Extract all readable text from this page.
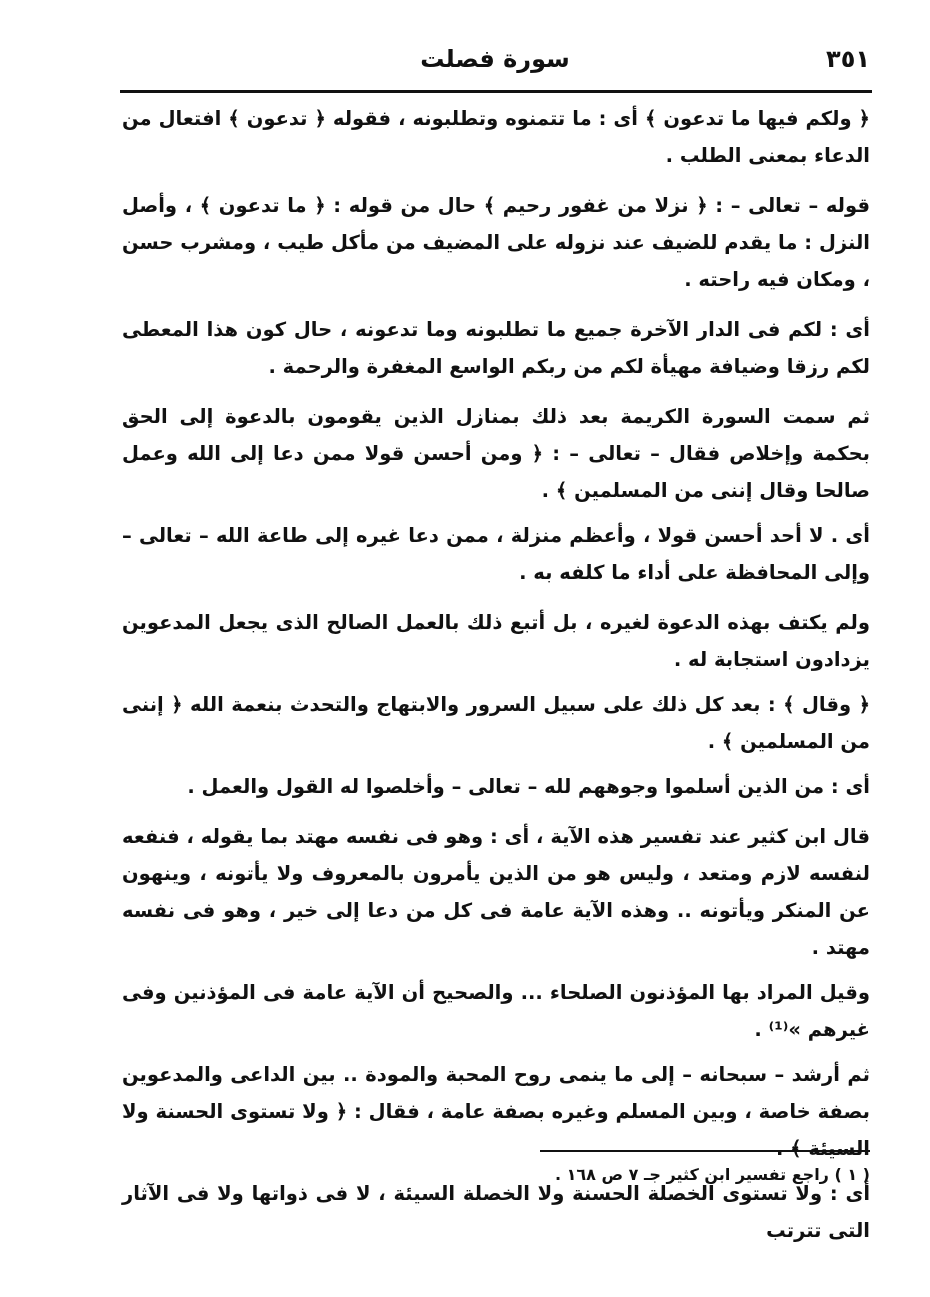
٣٥١
سورة فصلت

﴿ ولكم فيها ما تدعون ﴾ أى : ما تتمنوه وتطلبونه ، فقوله ﴿ تدعون ﴾ افتعال من الدعاء بمعنى الطلب .

قوله – تعالى – : ﴿ نزلا من غفور رحيم ﴾ حال من قوله : ﴿ ما تدعون ﴾ ، وأصل النزل : ما يقدم للضيف عند نزوله على المضيف من مأكل طيب ، ومشرب حسن ، ومكان فيه راحته .

أى : لكم فى الدار الآخرة جميع ما تطلبونه وما تدعونه ، حال كون هذا المعطى لكم رزقا وضيافة مهيأة لكم من ربكم الواسع المغفرة والرحمة .

ثم سمت السورة الكريمة بعد ذلك بمنازل الذين يقومون بالدعوة إلى الحق بحكمة وإخلاص فقال – تعالى – : ﴿ ومن أحسن قولا ممن دعا إلى الله وعمل صالحا وقال إننى من المسلمين ﴾ .

أى . لا أحد أحسن قولا ، وأعظم منزلة ، ممن دعا غيره إلى طاعة الله – تعالى – وإلى المحافظة على أداء ما كلفه به .

ولم يكتف بهذه الدعوة لغيره ، بل أتبع ذلك بالعمل الصالح الذى يجعل المدعوين يزدادون استجابة له .

﴿ وقال ﴾ : بعد كل ذلك على سبيل السرور والابتهاج والتحدث بنعمة الله ﴿ إننى من المسلمين ﴾ .

أى : من الذين أسلموا وجوههم لله – تعالى – وأخلصوا له القول والعمل .

قال ابن كثير عند تفسير هذه الآية ، أى : وهو فى نفسه مهتد بما يقوله ، فنفعه لنفسه لازم ومتعد ، وليس هو من الذين يأمرون بالمعروف ولا يأتونه ، وينهون عن المنكر ويأتونه .. وهذه الآية عامة فى كل من دعا إلى خير ، وهو فى نفسه مهتد .

وقيل المراد بها المؤذنون الصلحاء ... والصحيح أن الآية عامة فى المؤذنين وفى غيرهم »⁽¹⁾ .

ثم أرشد – سبحانه – إلى ما ينمى روح المحبة والمودة .. بين الداعى والمدعوين بصفة خاصة ، وبين المسلم وغيره بصفة عامة ، فقال : ﴿ ولا تستوى الحسنة ولا السيئة ﴾ .

أى : ولا تستوى الخصلة الحسنة ولا الخصلة السيئة ، لا فى ذواتها ولا فى الآثار التى تترتب

( ١ ) راجع تفسير ابن كثير جـ ٧ ص ١٦٨ .
